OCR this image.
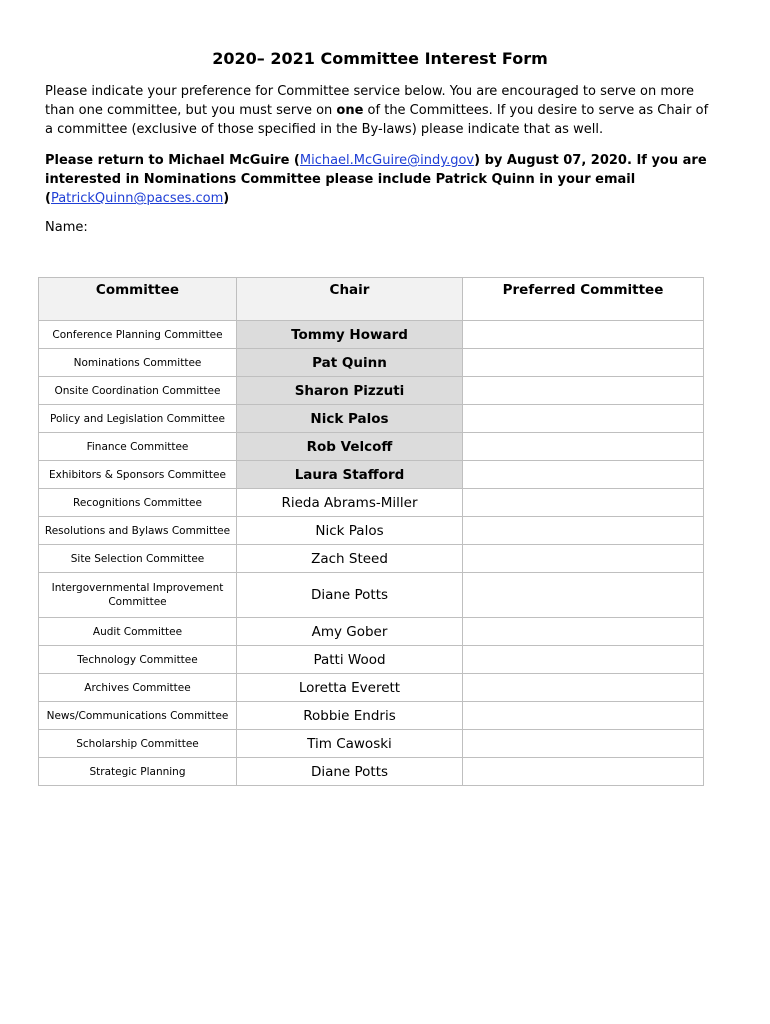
2020– 2021 Committee Interest Form

Please indicate your preference for Committee service below. You are encouraged to serve on more than one committee, but you must serve on one of the Committees. If you desire to serve as Chair of a committee (exclusive of those specified in the By-laws) please indicate that as well.

Please return to Michael McGuire (Michael.McGuire@indy.gov) by August 07, 2020. If you are interested in Nominations Committee please include Patrick Quinn in your email (PatrickQuinn@pacses.com)

Name:
Committee	Chair	Preferred Committee
Conference Planning Committee	Tommy Howard	
Nominations Committee	Pat Quinn	
Onsite Coordination Committee	Sharon Pizzuti	
Policy and Legislation Committee	Nick Palos	
Finance Committee	Rob Velcoff	
Exhibitors & Sponsors Committee	Laura Stafford	
Recognitions Committee	Rieda Abrams-Miller	
Resolutions and Bylaws Committee	Nick Palos	
Site Selection Committee	Zach Steed	
Intergovernmental Improvement Committee	Diane Potts	
Audit Committee	Amy Gober	
Technology Committee	Patti Wood	
Archives Committee	Loretta Everett	
News/Communications Committee	Robbie Endris	
Scholarship Committee	Tim Cawoski	
Strategic Planning	Diane Potts	
